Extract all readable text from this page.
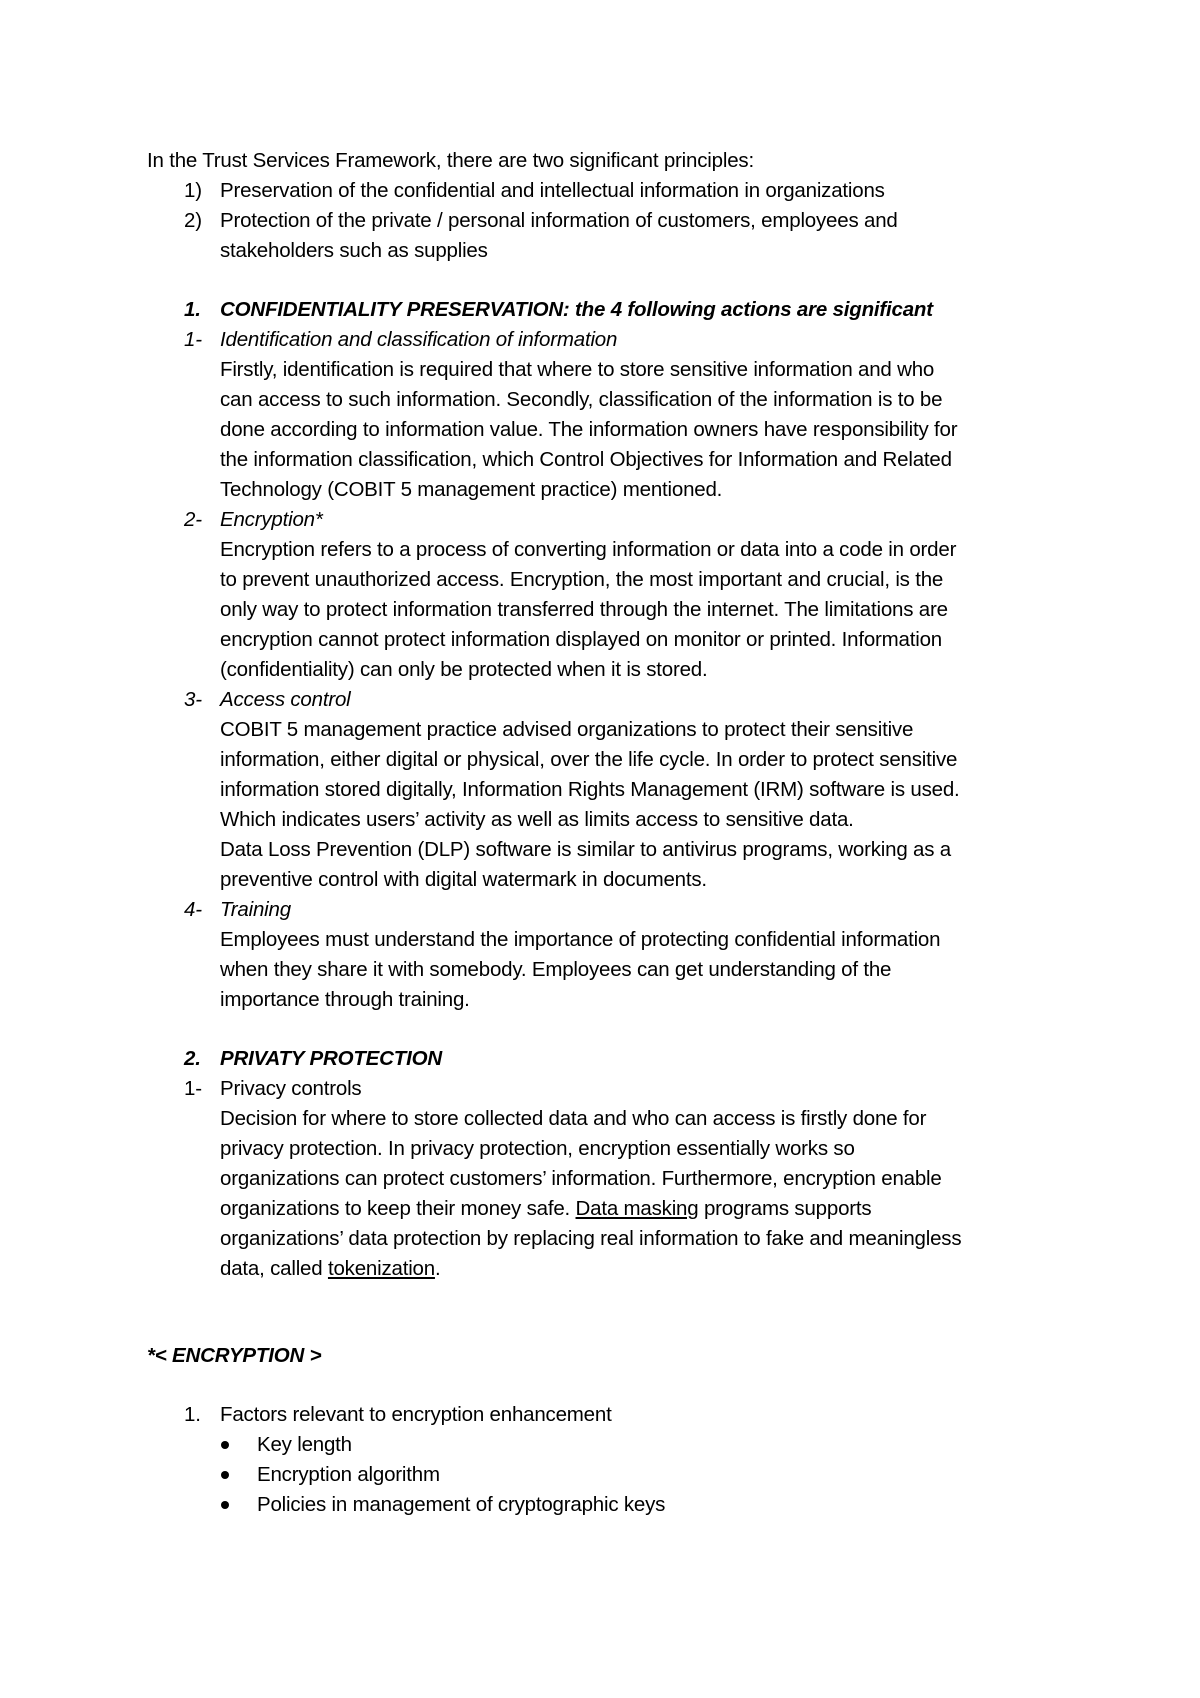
In the Trust Services Framework, there are two significant principles:
1) Preservation of the confidential and intellectual information in organizations
2) Protection of the private / personal information of customers, employees and
stakeholders such as supplies
1. CONFIDENTIALITY PRESERVATION: the 4 following actions are significant
1- Identification and classification of information
Firstly, identification is required that where to store sensitive information and who
can access to such information. Secondly, classification of the information is to be
done according to information value. The information owners have responsibility for
the information classification, which Control Objectives for Information and Related
Technology (COBIT 5 management practice) mentioned.
2- Encryption*
Encryption refers to a process of converting information or data into a code in order
to prevent unauthorized access. Encryption, the most important and crucial, is the
only way to protect information transferred through the internet. The limitations are
encryption cannot protect information displayed on monitor or printed. Information
(confidentiality) can only be protected when it is stored.
3- Access control
COBIT 5 management practice advised organizations to protect their sensitive
information, either digital or physical, over the life cycle. In order to protect sensitive
information stored digitally, Information Rights Management (IRM) software is used.
Which indicates users’ activity as well as limits access to sensitive data.
Data Loss Prevention (DLP) software is similar to antivirus programs, working as a
preventive control with digital watermark in documents.
4- Training
Employees must understand the importance of protecting confidential information
when they share it with somebody. Employees can get understanding of the
importance through training.
2. PRIVATY PROTECTION
1- Privacy controls
Decision for where to store collected data and who can access is firstly done for
privacy protection. In privacy protection, encryption essentially works so
organizations can protect customers’ information. Furthermore, encryption enable
organizations to keep their money safe. Data masking programs supports
organizations’ data protection by replacing real information to fake and meaningless
data, called tokenization.
*< ENCRYPTION >
1. Factors relevant to encryption enhancement
Key length
Encryption algorithm
Policies in management of cryptographic keys
